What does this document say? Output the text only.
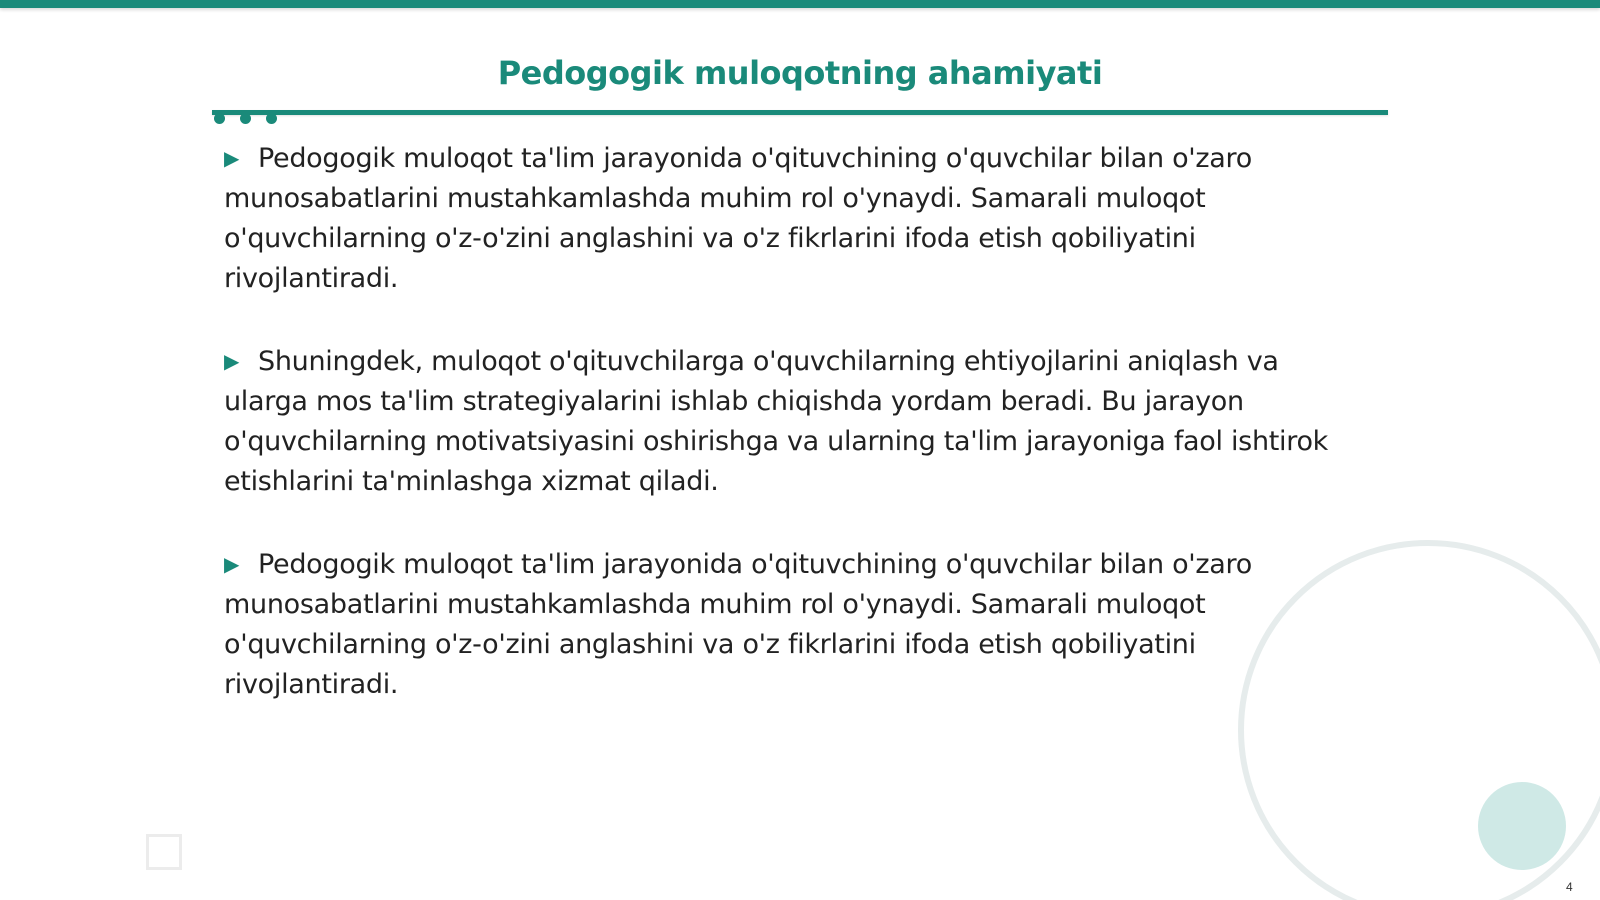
Pedogogik muloqotning ahamiyati

▶ Pedogogik muloqot ta'lim jarayonida o'qituvchining o'quvchilar bilan o'zaro munosabatlarini mustahkamlashda muhim rol o'ynaydi. Samarali muloqot o'quvchilarning o'z-o'zini anglashini va o'z fikrlarini ifoda etish qobiliyatini rivojlantiradi.

▶ Shuningdek, muloqot o'qituvchilarga o'quvchilarning ehtiyojlarini aniqlash va ularga mos ta'lim strategiyalarini ishlab chiqishda yordam beradi. Bu jarayon o'quvchilarning motivatsiyasini oshirishga va ularning ta'lim jarayoniga faol ishtirok etishlarini ta'minlashga xizmat qiladi.

▶ Pedogogik muloqot ta'lim jarayonida o'qituvchining o'quvchilar bilan o'zaro munosabatlarini mustahkamlashda muhim rol o'ynaydi. Samarali muloqot o'quvchilarning o'z-o'zini anglashini va o'z fikrlarini ifoda etish qobiliyatini rivojlantiradi.

4
